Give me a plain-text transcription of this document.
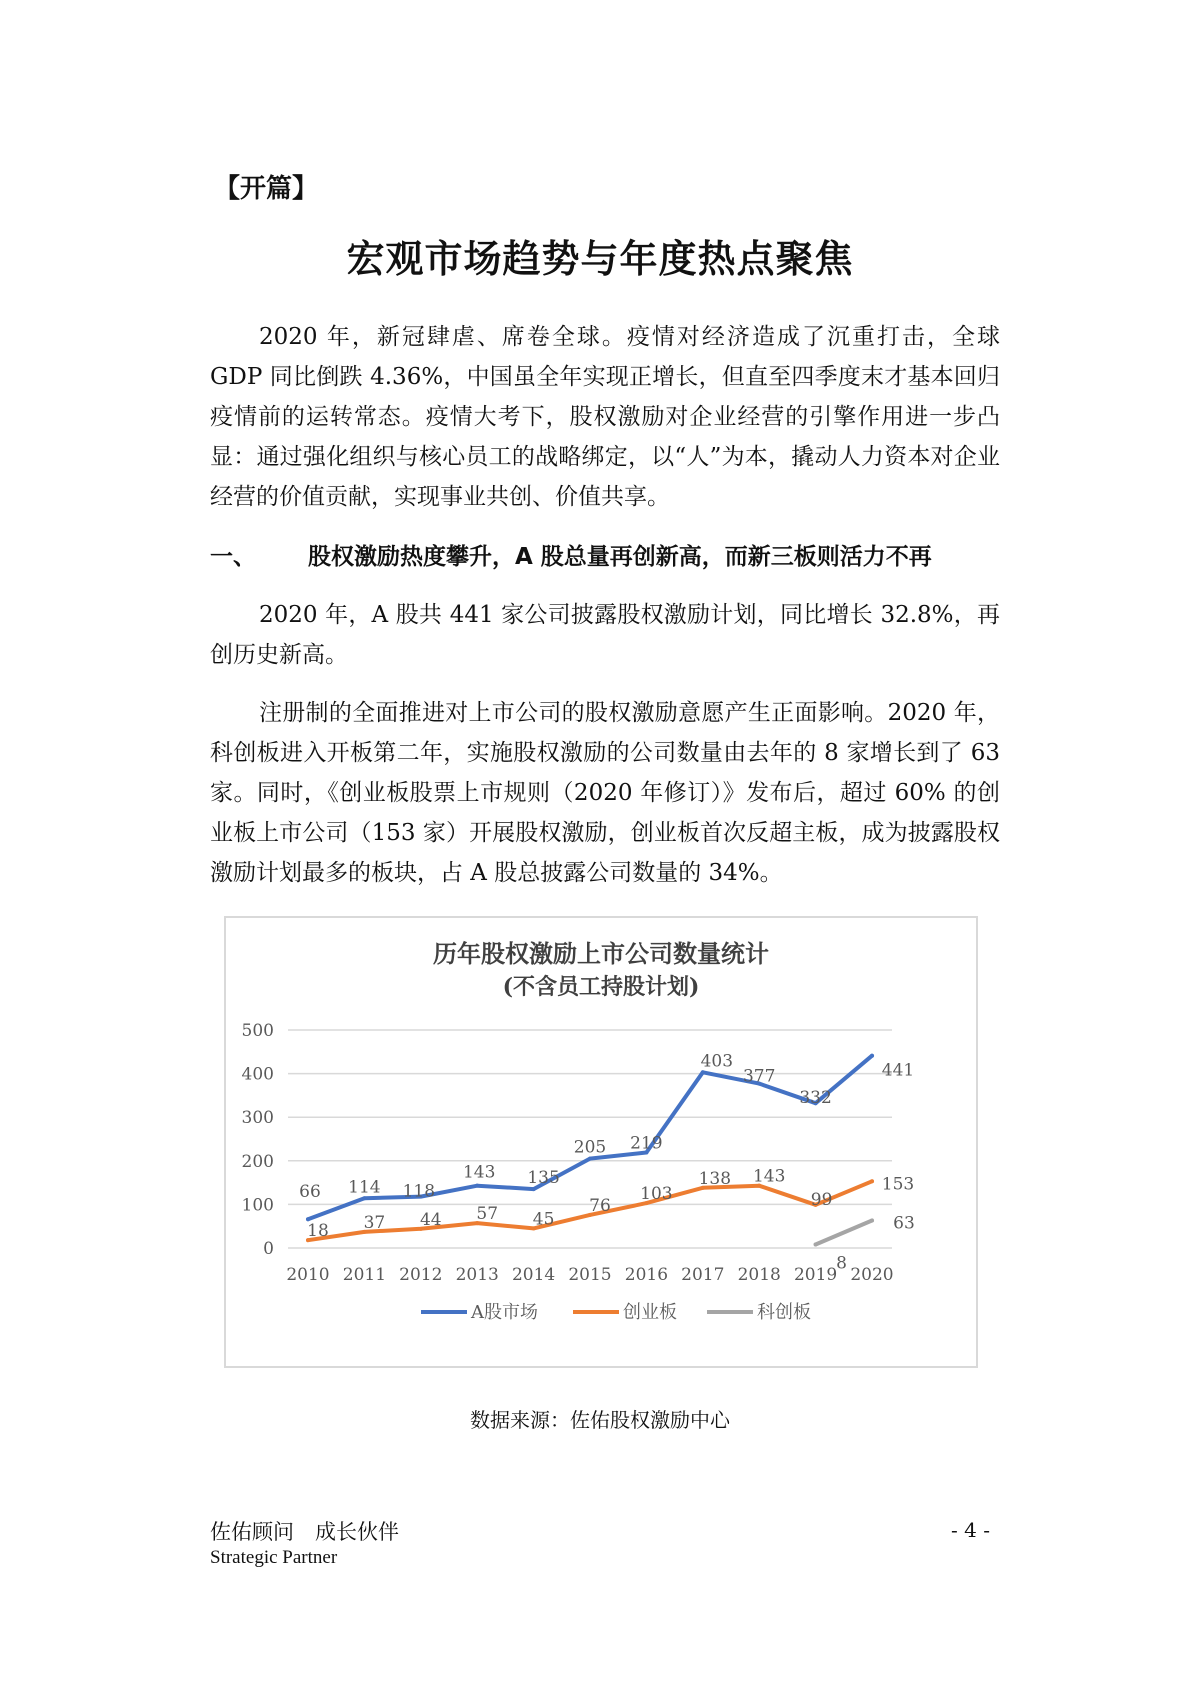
【开篇】
宏观市场趋势与年度热点聚焦

2020 年，新冠肆虐、席卷全球。疫情对经济造成了沉重打击，全球 GDP 同比倒跌 4.36%，中国虽全年实现正增长，但直至四季度末才基本回归疫情前的运转常态。疫情大考下，股权激励对企业经营的引擎作用进一步凸显：通过强化组织与核心员工的战略绑定，以“人”为本，撬动人力资本对企业经营的价值贡献，实现事业共创、价值共享。

一、 股权激励热度攀升，A 股总量再创新高，而新三板则活力不再

2020 年，A 股共 441 家公司披露股权激励计划，同比增长 32.8%，再创历史新高。

注册制的全面推进对上市公司的股权激励意愿产生正面影响。2020 年，科创板进入开板第二年，实施股权激励的公司数量由去年的 8 家增长到了 63 家。同时，《创业板股票上市规则（2020 年修订）》发布后，超过 60% 的创业板上市公司（153 家）开展股权激励，创业板首次反超主板，成为披露股权激励计划最多的板块，占 A 股总披露公司数量的 34%。

历年股权激励上市公司数量统计
(不含员工持股计划)
0
100
200
300
400
500
2010 2011 2012 2013 2014 2015 2016 2017 2018 2019 2020
66 114 118
143 135
205 219
403
377
332
441
18 37 44 57 45
76
103
138 143
99
153
8
63
A股市场	创业板	科创板
数据来源：佐佑股权激励中心
佐佑顾问　成长伙伴
Strategic Partner
- 4 -
